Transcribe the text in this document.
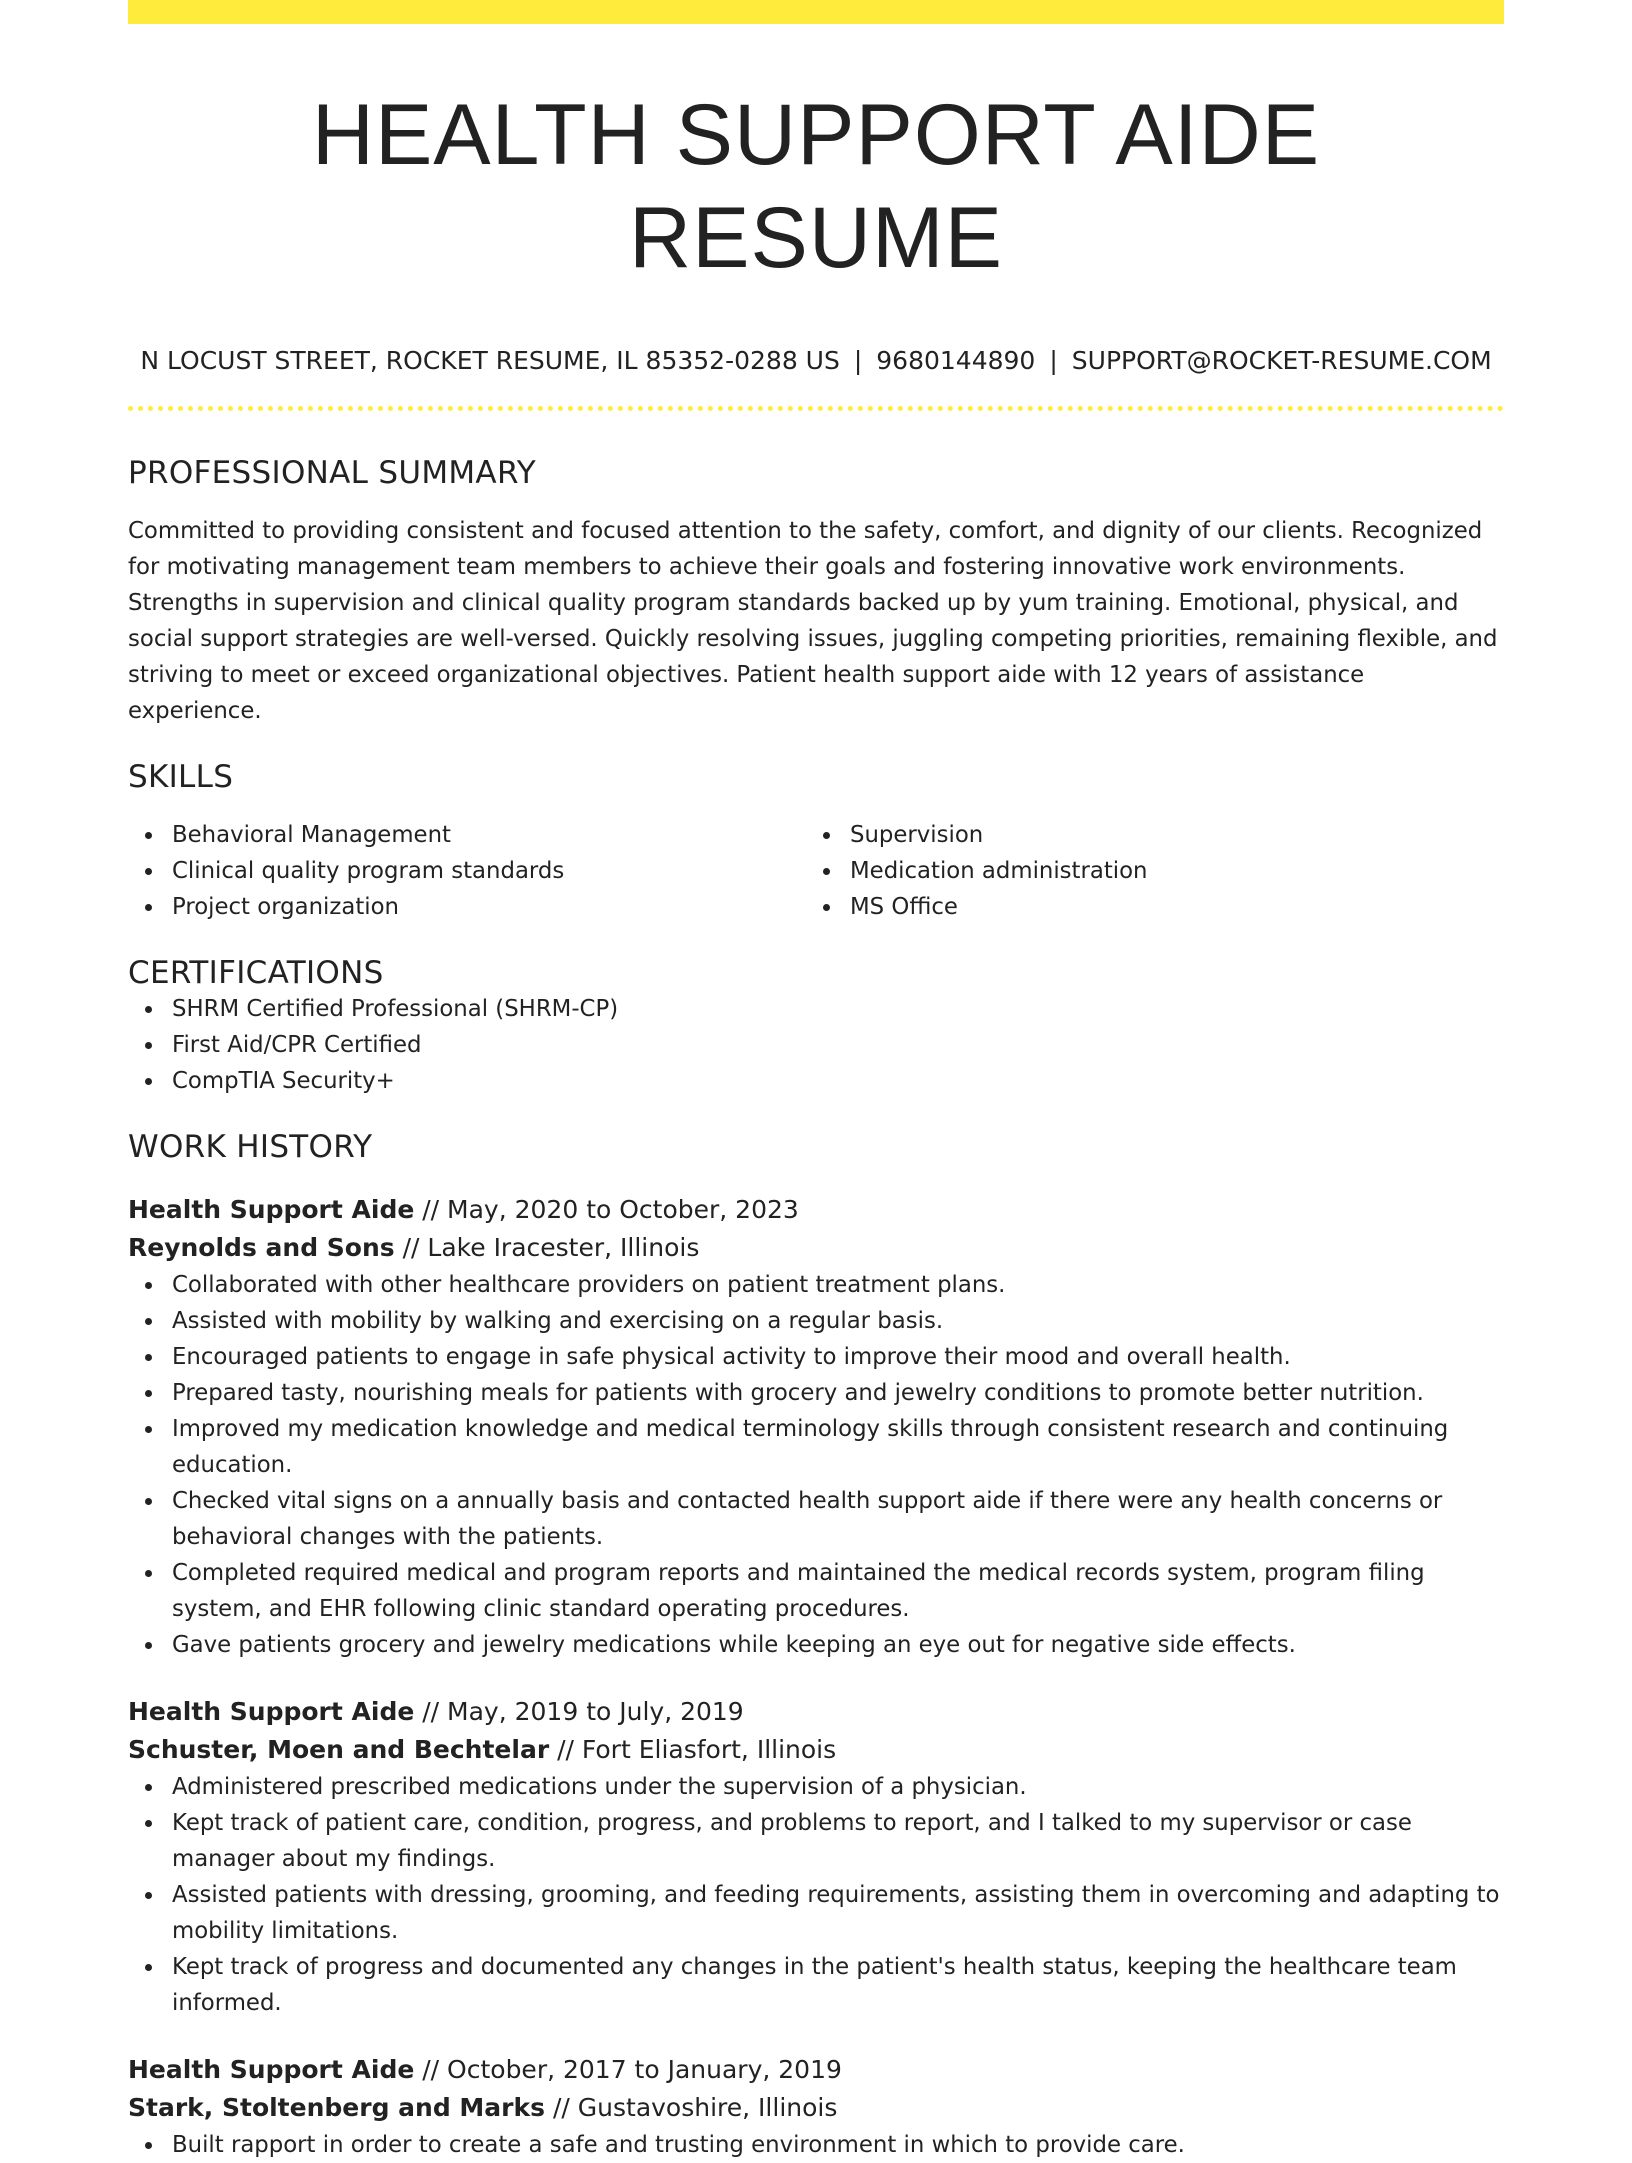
HEALTH SUPPORT AIDE RESUME
N LOCUST STREET, ROCKET RESUME, IL 85352-0288 US | 9680144890 | SUPPORT@ROCKET-RESUME.COM
PROFESSIONAL SUMMARY

Committed to providing consistent and focused attention to the safety, comfort, and dignity of our clients. Recognized for motivating management team members to achieve their goals and fostering innovative work environments. Strengths in supervision and clinical quality program standards backed up by yum training. Emotional, physical, and social support strategies are well-versed. Quickly resolving issues, juggling competing priorities, remaining flexible, and striving to meet or exceed organizational objectives. Patient health support aide with 12 years of assistance experience.

SKILLS
Behavioral Management
Clinical quality program standards
Project organization
Supervision
Medication administration
MS Office
CERTIFICATIONS
SHRM Certified Professional (SHRM-CP)
First Aid/CPR Certified
CompTIA Security+
WORK HISTORY
Health Support Aide // May, 2020 to October, 2023
Reynolds and Sons // Lake Iracester, Illinois
Collaborated with other healthcare providers on patient treatment plans.
Assisted with mobility by walking and exercising on a regular basis.
Encouraged patients to engage in safe physical activity to improve their mood and overall health.
Prepared tasty, nourishing meals for patients with grocery and jewelry conditions to promote better nutrition.
Improved my medication knowledge and medical terminology skills through consistent research and continuing education.
Checked vital signs on a annually basis and contacted health support aide if there were any health concerns or behavioral changes with the patients.
Completed required medical and program reports and maintained the medical records system, program filing system, and EHR following clinic standard operating procedures.
Gave patients grocery and jewelry medications while keeping an eye out for negative side effects.
Health Support Aide // May, 2019 to July, 2019
Schuster, Moen and Bechtelar // Fort Eliasfort, Illinois
Administered prescribed medications under the supervision of a physician.
Kept track of patient care, condition, progress, and problems to report, and I talked to my supervisor or case manager about my findings.
Assisted patients with dressing, grooming, and feeding requirements, assisting them in overcoming and adapting to mobility limitations.
Kept track of progress and documented any changes in the patient's health status, keeping the healthcare team informed.
Health Support Aide // October, 2017 to January, 2019
Stark, Stoltenberg and Marks // Gustavoshire, Illinois
Built rapport in order to create a safe and trusting environment in which to provide care.
